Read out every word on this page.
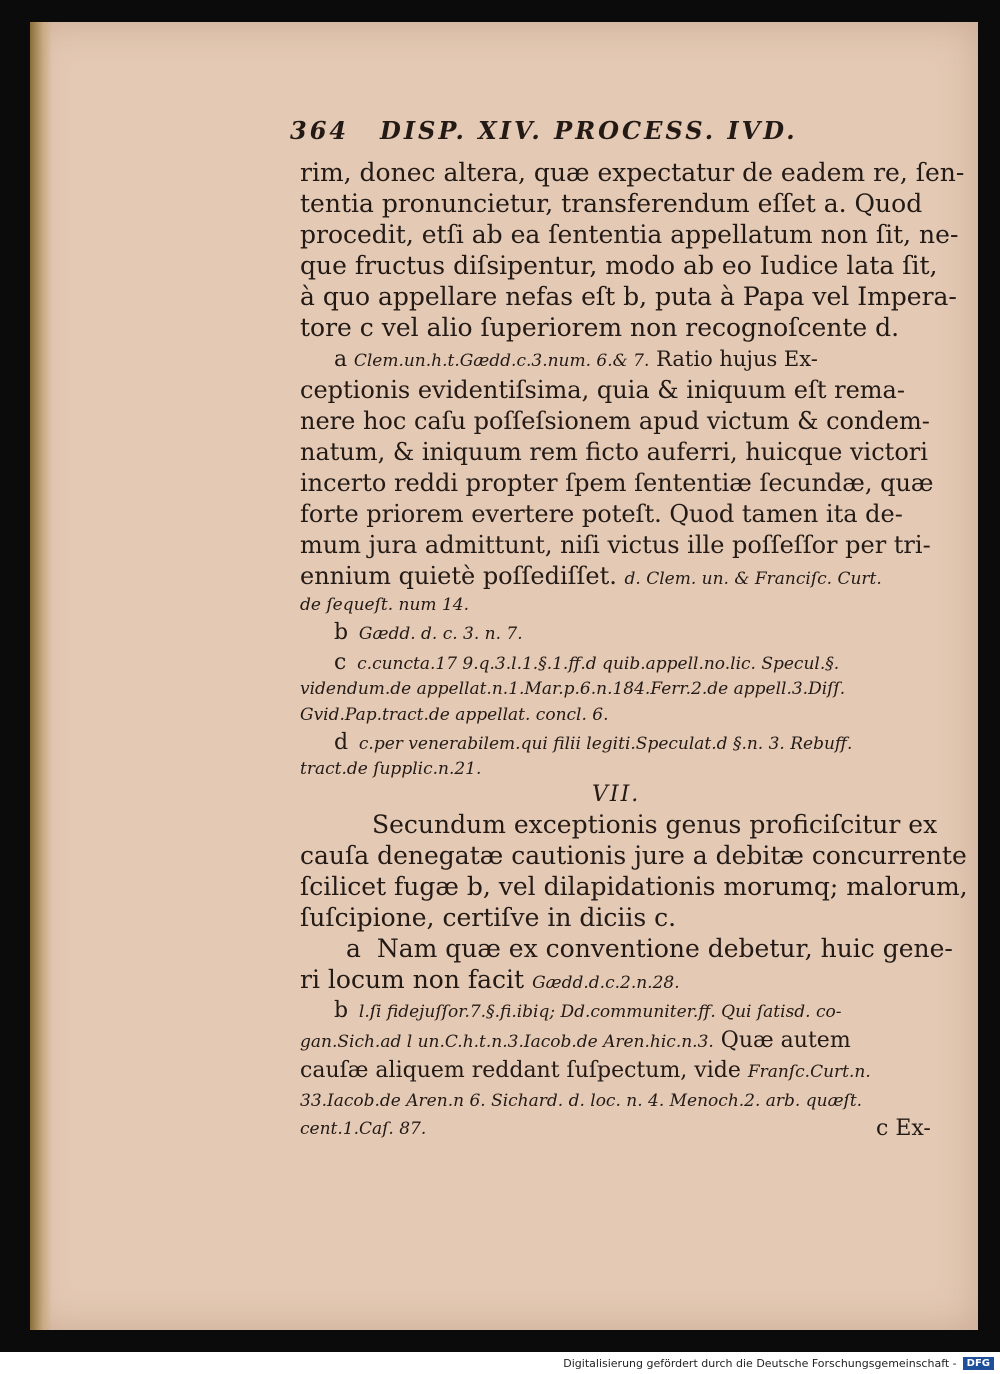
364	DISP. XIV. PROCESS. IVD.
rim, donec altera, quæ expectatur de eadem re, ſen-
tentia pronuncietur, transferendum eſſet a. Quod
procedit, etſi ab ea ſententia appellatum non ſit, ne-
que fructus diſsipentur, modo ab eo Iudice lata ſit,
à quo appellare nefas eſt b, puta à Papa vel Impera-
tore c vel alio ſuperiorem non recognoſcente d.
a Clem.un.h.t.Gædd.c.3.num. 6.& 7. Ratio hujus Ex-
ceptionis evidentiſsima, quia & iniquum eſt rema-
nere hoc caſu poſſeſsionem apud victum & condem-
natum, & iniquum rem ficto auferri, huicque victori
incerto reddi propter ſpem ſententiæ ſecundæ, quæ
forte priorem evertere poteſt. Quod tamen ita de-
mum jura admittunt, niſi victus ille poſſeſſor per tri-
ennium quietè poſſediſſet. d. Clem. un. & Franciſc. Curt.
de ſequeſt. num 14.
b Gædd. d. c. 3. n. 7.
c c.cuncta.17 9.q.3.l.1.§.1.ff.d quib.appell.no.lic. Specul.§.
videndum.de appellat.n.1.Mar.p.6.n.184.Ferr.2.de appell.3.Diſſ.
Gvid.Pap.tract.de appellat. concl. 6.
d c.per venerabilem.qui filii legiti.Speculat.d §.n. 3. Rebuff.
tract.de ſupplic.n.21.
VII.
Secundum exceptionis genus proficiſcitur ex
cauſa denegatæ cautionis jure a debitæ concurrente
ſcilicet fugæ b, vel dilapidationis morumq; malorum,
ſuſcipione, certiſve in diciis c.
a Nam quæ ex conventione debetur, huic gene-
ri locum non facit Gædd.d.c.2.n.28.
b l.ſi fidejuſſor.7.§.fi.ibiq; Dd.communiter.ff. Qui ſatisd. co-
gan.Sich.ad l un.C.h.t.n.3.Iacob.de Aren.hic.n.3. Quæ autem
cauſæ aliquem reddant ſuſpectum, vide Franſc.Curt.n.
33.Iacob.de Aren.n 6. Sichard. d. loc. n. 4. Menoch.2. arb. quæſt.
cent.1.Caſ. 87.	c Ex-
Digitalisierung gefördert durch die Deutsche Forschungsgemeinschaft -	DFG
